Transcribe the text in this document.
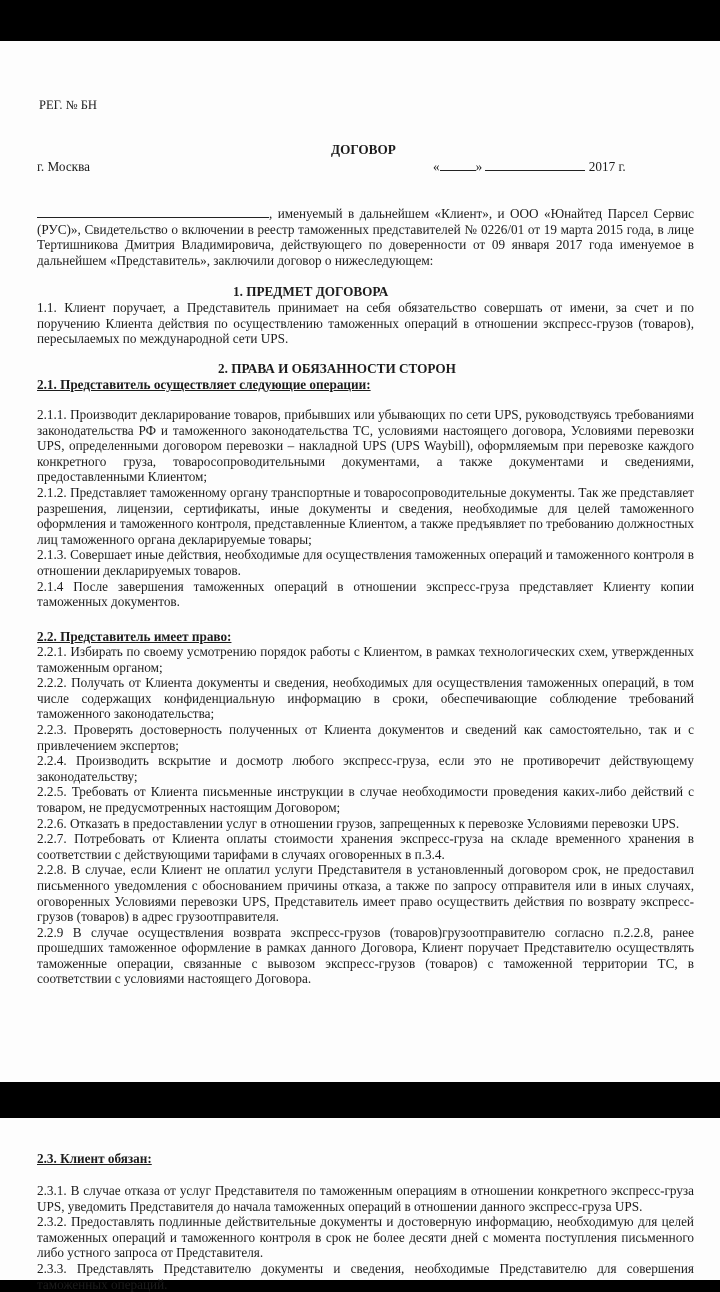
РЕГ. № БН
ДОГОВОР
г. Москва	«	»	2017 г.
, именуемый в дальнейшем «Клиент», и ООО «Юнайтед Парсел Сервис (РУС)», Свидетельство о включении в реестр таможенных представителей № 0226/01 от 19 марта 2015 года, в лице Тертишникова Дмитрия Владимировича, действующего по доверенности от 09 января 2017 года именуемое в дальнейшем «Представитель», заключили договор о нижеследующем:
1. ПРЕДМЕТ ДОГОВОРА
1.1. Клиент поручает, а Представитель принимает на себя обязательство совершать от имени, за счет и по поручению Клиента действия по осуществлению таможенных операций в отношении экспресс-грузов (товаров), пересылаемых по международной сети UPS.
2. ПРАВА И ОБЯЗАННОСТИ СТОРОН
2.1. Представитель осуществляет следующие операции:

2.1.1. Производит декларирование товаров, прибывших или убывающих по сети UPS, руководствуясь требованиями законодательства РФ и таможенного законодательства ТС, условиями настоящего договора, Условиями перевозки UPS, определенными договором перевозки – накладной UPS (UPS Waybill), оформляемым при перевозке каждого конкретного груза, товаросопроводительными документами, а также документами и сведениями, предоставленными Клиентом;

2.1.2. Представляет таможенному органу транспортные и товаросопроводительные документы. Так же представляет разрешения, лицензии, сертификаты, иные документы и сведения, необходимые для целей таможенного оформления и таможенного контроля, представленные Клиентом, а также предъявляет по требованию должностных лиц таможенного органа декларируемые товары;

2.1.3. Совершает иные действия, необходимые для осуществления таможенных операций и таможенного контроля в отношении декларируемых товаров.

2.1.4 После завершения таможенных операций в отношении экспресс-груза представляет Клиенту копии таможенных документов.

2.2. Представитель имеет право:

2.2.1. Избирать по своему усмотрению порядок работы с Клиентом, в рамках технологических схем, утвержденных таможенным органом;

2.2.2. Получать от Клиента документы и сведения, необходимых для осуществления таможенных операций, в том числе содержащих конфиденциальную информацию в сроки, обеспечивающие соблюдение требований таможенного законодательства;

2.2.3. Проверять достоверность полученных от Клиента документов и сведений как самостоятельно, так и с привлечением экспертов;

2.2.4. Производить вскрытие и досмотр любого экспресс-груза, если это не противоречит действующему законодательству;

2.2.5. Требовать от Клиента письменные инструкции в случае необходимости проведения каких-либо действий с товаром, не предусмотренных настоящим Договором;

2.2.6. Отказать в предоставлении услуг в отношении грузов, запрещенных к перевозке Условиями перевозки UPS.

2.2.7. Потребовать от Клиента оплаты стоимости хранения экспресс-груза на складе временного хранения в соответствии с действующими тарифами в случаях оговоренных в п.3.4.

2.2.8. В случае, если Клиент не оплатил услуги Представителя в установленный договором срок, не предоставил письменного уведомления с обоснованием причины отказа, а также по запросу отправителя или в иных случаях, оговоренных Условиями перевозки UPS, Представитель имеет право осуществить действия по возврату экспресс-грузов (товаров) в адрес грузоотправителя.

2.2.9 В случае осуществления возврата экспресс-грузов (товаров)грузоотправителю согласно п.2.2.8, ранее прошедших таможенное оформление в рамках данного Договора, Клиент поручает Представителю осуществлять таможенные операции, связанные с вывозом экспресс-грузов (товаров) с таможенной территории ТС, в соответствии с условиями настоящего Договора.

2.3. Клиент обязан:

2.3.1. В случае отказа от услуг Представителя по таможенным операциям в отношении конкретного экспресс-груза UPS, уведомить Представителя до начала таможенных операций в отношении данного экспресс-груза UPS.

2.3.2. Предоставлять подлинные действительные документы и достоверную информацию, необходимую для целей таможенных операций и таможенного контроля в срок не более десяти дней с момента поступления письменного либо устного запроса от Представителя.

2.3.3. Представлять Представителю документы и сведения, необходимые Представителю для совершения таможенных операций.
